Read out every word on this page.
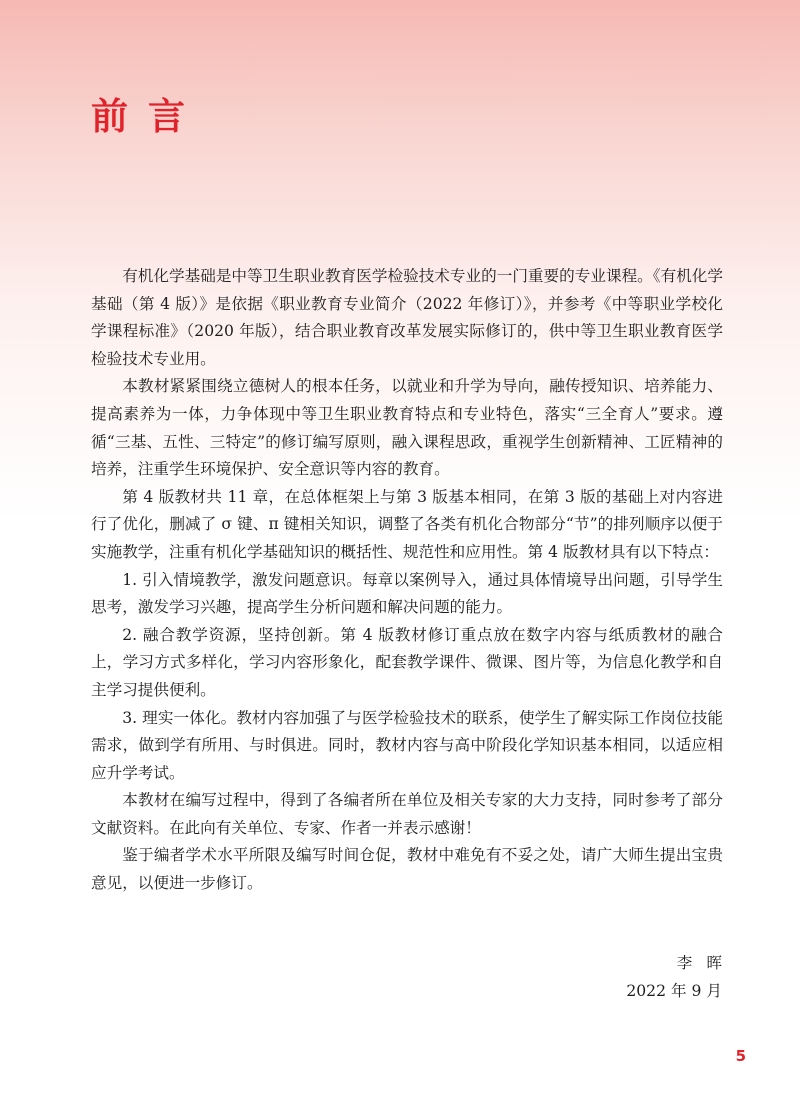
前言

有机化学基础是中等卫生职业教育医学检验技术专业的一门重要的专业课程。《有机化学基础（第 4 版）》是依据《职业教育专业简介（2022 年修订）》，并参考《中等职业学校化学课程标准》（2020 年版），结合职业教育改革发展实际修订的，供中等卫生职业教育医学检验技术专业用。

本教材紧紧围绕立德树人的根本任务，以就业和升学为导向，融传授知识、培养能力、提高素养为一体，力争体现中等卫生职业教育特点和专业特色，落实“三全育人”要求。遵循“三基、五性、三特定”的修订编写原则，融入课程思政，重视学生创新精神、工匠精神的培养，注重学生环境保护、安全意识等内容的教育。

第 4 版教材共 11 章，在总体框架上与第 3 版基本相同，在第 3 版的基础上对内容进行了优化，删减了 σ 键、π 键相关知识，调整了各类有机化合物部分“节”的排列顺序以便于实施教学，注重有机化学基础知识的概括性、规范性和应用性。第 4 版教材具有以下特点：

1. 引入情境教学，激发问题意识。每章以案例导入，通过具体情境导出问题，引导学生思考，激发学习兴趣，提高学生分析问题和解决问题的能力。

2. 融合教学资源，坚持创新。第 4 版教材修订重点放在数字内容与纸质教材的融合上，学习方式多样化，学习内容形象化，配套教学课件、微课、图片等，为信息化教学和自主学习提供便利。

3. 理实一体化。教材内容加强了与医学检验技术的联系，使学生了解实际工作岗位技能需求，做到学有所用、与时俱进。同时，教材内容与高中阶段化学知识基本相同，以适应相应升学考试。

本教材在编写过程中，得到了各编者所在单位及相关专家的大力支持，同时参考了部分文献资料。在此向有关单位、专家、作者一并表示感谢！

鉴于编者学术水平所限及编写时间仓促，教材中难免有不妥之处，请广大师生提出宝贵意见，以便进一步修订。

李晖
2022 年 9 月
5
